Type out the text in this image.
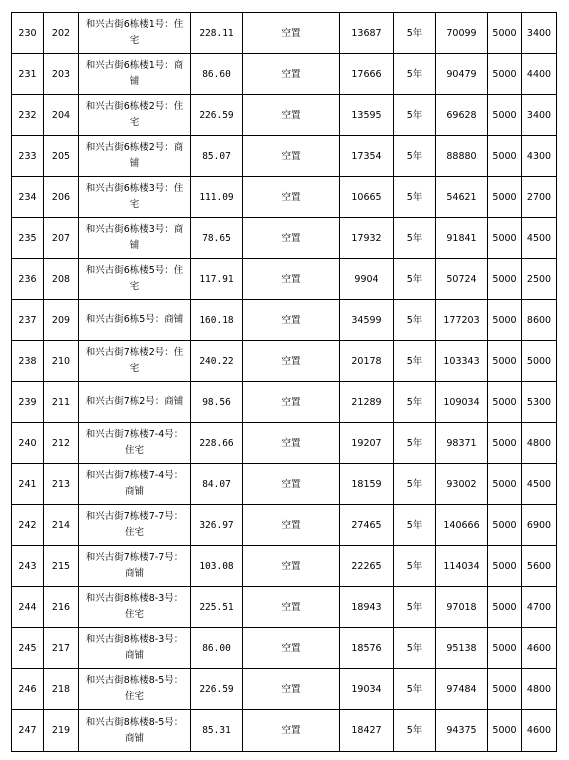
230	202	和兴古街6栋楼1号：住宅	228.11	空置	13687	5年	70099	5000	3400
231	203	和兴古街6栋楼1号：商铺	86.60	空置	17666	5年	90479	5000	4400
232	204	和兴古街6栋楼2号：住宅	226.59	空置	13595	5年	69628	5000	3400
233	205	和兴古街6栋楼2号：商铺	85.07	空置	17354	5年	88880	5000	4300
234	206	和兴古街6栋楼3号：住宅	111.09	空置	10665	5年	54621	5000	2700
235	207	和兴古街6栋楼3号：商铺	78.65	空置	17932	5年	91841	5000	4500
236	208	和兴古街6栋楼5号：住宅	117.91	空置	9904	5年	50724	5000	2500
237	209	和兴古街6栋5号：商铺	160.18	空置	34599	5年	177203	5000	8600
238	210	和兴古街7栋楼2号：住宅	240.22	空置	20178	5年	103343	5000	5000
239	211	和兴古街7栋2号：商铺	98.56	空置	21289	5年	109034	5000	5300
240	212	和兴古街7栋楼7-4号：住宅	228.66	空置	19207	5年	98371	5000	4800
241	213	和兴古街7栋楼7-4号：商铺	84.07	空置	18159	5年	93002	5000	4500
242	214	和兴古街7栋楼7-7号：住宅	326.97	空置	27465	5年	140666	5000	6900
243	215	和兴古街7栋楼7-7号：商铺	103.08	空置	22265	5年	114034	5000	5600
244	216	和兴古街8栋楼8-3号：住宅	225.51	空置	18943	5年	97018	5000	4700
245	217	和兴古街8栋楼8-3号：商铺	86.00	空置	18576	5年	95138	5000	4600
246	218	和兴古街8栋楼8-5号：住宅	226.59	空置	19034	5年	97484	5000	4800
247	219	和兴古街8栋楼8-5号：商铺	85.31	空置	18427	5年	94375	5000	4600
